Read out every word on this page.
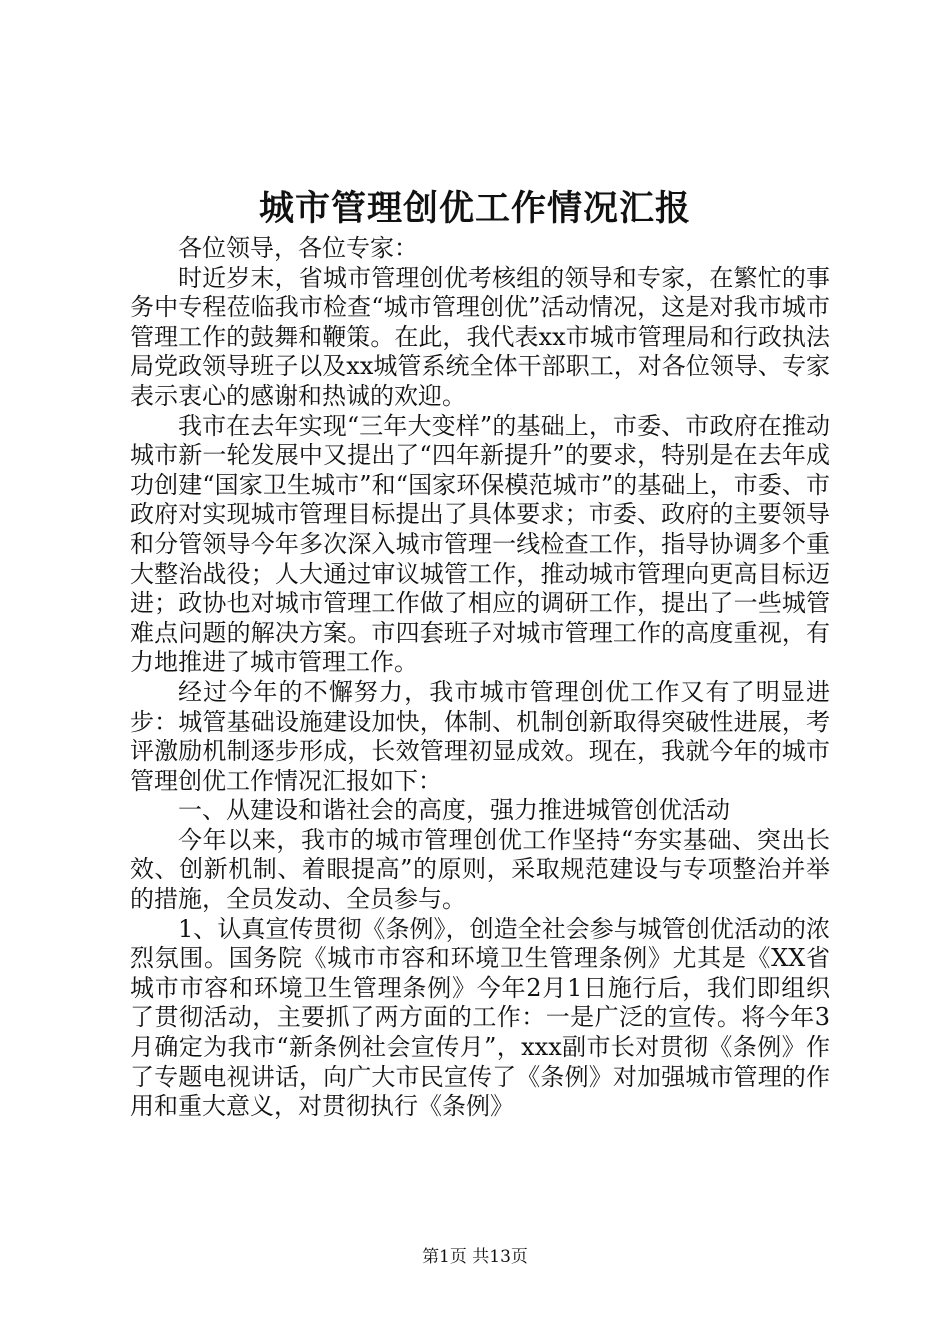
城市管理创优工作情况汇报

各位领导，各位专家：

时近岁末，省城市管理创优考核组的领导和专家，在繁忙的事务中专程莅临我市检查“城市管理创优”活动情况，这是对我市城市管理工作的鼓舞和鞭策。在此，我代表xx市城市管理局和行政执法局党政领导班子以及xx城管系统全体干部职工，对各位领导、专家表示衷心的感谢和热诚的欢迎。

我市在去年实现“三年大变样”的基础上，市委、市政府在推动城市新一轮发展中又提出了“四年新提升”的要求，特别是在去年成功创建“国家卫生城市”和“国家环保模范城市”的基础上，市委、市政府对实现城市管理目标提出了具体要求；市委、政府的主要领导和分管领导今年多次深入城市管理一线检查工作，指导协调多个重大整治战役；人大通过审议城管工作，推动城市管理向更高目标迈进；政协也对城市管理工作做了相应的调研工作，提出了一些城管难点问题的解决方案。市四套班子对城市管理工作的高度重视，有力地推进了城市管理工作。

经过今年的不懈努力，我市城市管理创优工作又有了明显进步：城管基础设施建设加快，体制、机制创新取得突破性进展，考评激励机制逐步形成，长效管理初显成效。现在，我就今年的城市管理创优工作情况汇报如下：

一、从建设和谐社会的高度，强力推进城管创优活动

今年以来，我市的城市管理创优工作坚持“夯实基础、突出长效、创新机制、着眼提高”的原则，采取规范建设与专项整治并举的措施，全员发动、全员参与。

1、认真宣传贯彻《条例》，创造全社会参与城管创优活动的浓烈氛围。国务院《城市市容和环境卫生管理条例》尤其是《XX省城市市容和环境卫生管理条例》今年2月1日施行后，我们即组织了贯彻活动，主要抓了两方面的工作：一是广泛的宣传。将今年3月确定为我市“新条例社会宣传月”，xxx副市长对贯彻《条例》作了专题电视讲话，向广大市民宣传了《条例》对加强城市管理的作用和重大意义，对贯彻执行《条例》

第1页 共13页
